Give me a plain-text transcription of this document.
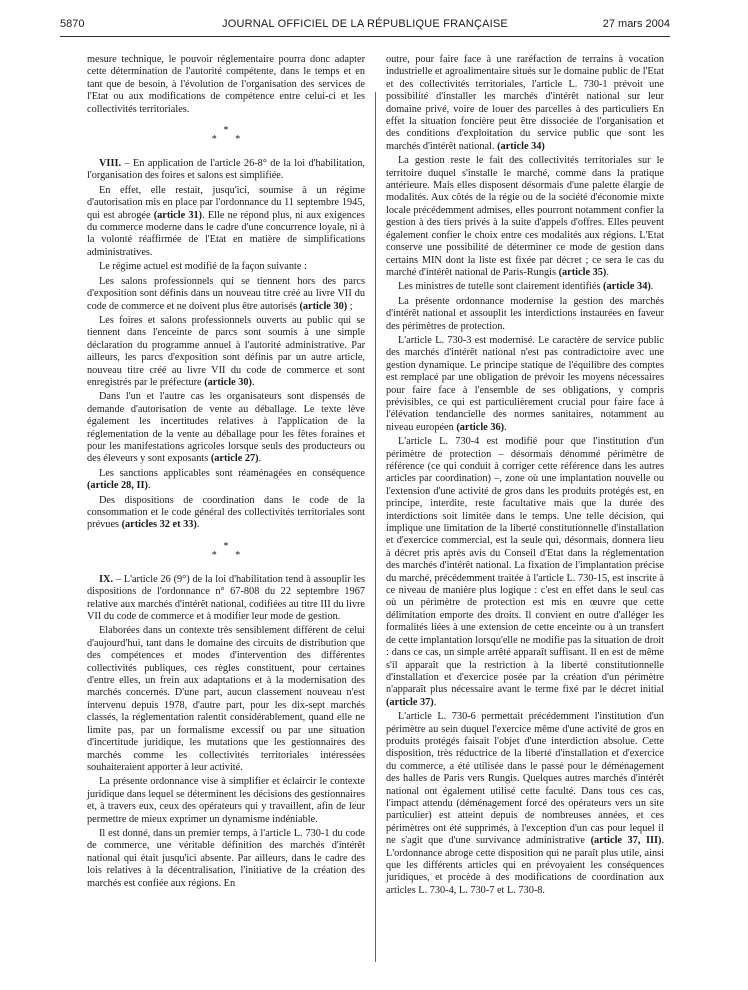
5870	JOURNAL OFFICIEL DE LA RÉPUBLIQUE FRANÇAISE	27 mars 2004

mesure technique, le pouvoir réglementaire pourra donc adapter cette détermination de l'autorité compétente, dans le temps et en tant que de besoin, à l'évolution de l'organisation des services de l'Etat ou aux modifications de compétence entre celui-ci et les collectivités territoriales.

*
* *

VIII. – En application de l'article 26-8° de la loi d'habilitation, l'organisation des foires et salons est simplifiée.

En effet, elle restait, jusqu'ici, soumise à un régime d'autorisation mis en place par l'ordonnance du 11 septembre 1945, qui est abrogée (article 31). Elle ne répond plus, ni aux exigences du commerce moderne dans le cadre d'une concurrence loyale, ni à la volonté réaffirmée de l'Etat en matière de simplifications administratives.

Le régime actuel est modifié de la façon suivante :

Les salons professionnels qui se tiennent hors des parcs d'exposition sont définis dans un nouveau titre créé au livre VII du code de commerce et ne doivent plus être autorisés (article 30) ;

Les foires et salons professionnels ouverts au public qui se tiennent dans l'enceinte de parcs sont soumis à une simple déclaration du programme annuel à l'autorité administrative. Par ailleurs, les parcs d'exposition sont définis par un autre article, nouveau titre créé au livre VII du code de commerce et sont enregistrés par le préfecture (article 30).

Dans l'un et l'autre cas les organisateurs sont dispensés de demande d'autorisation de vente au déballage. Le texte lève également les incertitudes relatives à l'application de la réglementation de la vente au déballage pour les fêtes foraines et pour les manifestations agricoles lorsque seuls des producteurs ou des éleveurs y sont exposants (article 27).

Les sanctions applicables sont réaménagées en conséquence (article 28, II).

Des dispositions de coordination dans le code de la consommation et le code général des collectivités territoriales sont prévues (articles 32 et 33).

*
* *

IX. – L'article 26 (9°) de la loi d'habilitation tend à assouplir les dispositions de l'ordonnance n° 67-808 du 22 septembre 1967 relative aux marchés d'intérêt national, codifiées au titre III du livre VII du code de commerce et à modifier leur mode de gestion.

Elaborées dans un contexte très sensiblement différent de celui d'aujourd'hui, tant dans le domaine des circuits de distribution que des compétences et modes d'intervention des différentes collectivités publiques, ces règles constituent, pour certaines d'entre elles, un frein aux adaptations et à la modernisation des marchés concernés. D'une part, aucun classement nouveau n'est intervenu depuis 1978, d'autre part, pour les dix-sept marchés classés, la réglementation ralentit considérablement, quand elle ne limite pas, par un formalisme excessif ou par une situation d'incertitude juridique, les mutations que les gestionnaires des marchés comme les collectivités territoriales intéressées souhaiteraient apporter à leur activité.

La présente ordonnance vise à simplifier et éclaircir le contexte juridique dans lequel se déterminent les décisions des gestionnaires et, à travers eux, ceux des opérateurs qui y travaillent, afin de leur permettre de mieux exprimer un dynamisme indéniable.

Il est donné, dans un premier temps, à l'article L. 730-1 du code de commerce, une véritable définition des marchés d'intérêt national qui était jusqu'ici absente. Par ailleurs, dans le cadre des lois relatives à la décentralisation, l'initiative de la création des marchés est confiée aux régions. En

outre, pour faire face à une raréfaction de terrains à vocation industrielle et agroalimentaire situés sur le domaine public de l'Etat et des collectivités territoriales, l'article L. 730-1 prévoit une possibilité d'installer les marchés d'intérêt national sur leur domaine privé, voire de louer des parcelles à des particuliers En effet la situation foncière peut être dissociée de l'organisation et des conditions d'exploitation du service public que sont les marchés d'intérêt national. (article 34)

La gestion reste le fait des collectivités territoriales sur le territoire duquel s'installe le marché, comme dans la pratique antérieure. Mais elles disposent désormais d'une palette élargie de modalités. Aux côtés de la régie ou de la société d'économie mixte locale précédemment admises, elles pourront notamment confier la gestion à des tiers privés à la suite d'appels d'offres. Elles peuvent également confier le choix entre ces modalités aux régions. L'Etat conserve une possibilité de déterminer ce mode de gestion dans certains MIN dont la liste est fixée par décret ; ce sera le cas du marché d'intérêt national de Paris-Rungis (article 35).

Les ministres de tutelle sont clairement identifiés (article 34).

La présente ordonnance modernise la gestion des marchés d'intérêt national et assouplit les interdictions instaurées en faveur des périmètres de protection.

L'article L. 730-3 est modernisé. Le caractère de service public des marchés d'intérêt national n'est pas contradictoire avec une gestion dynamique. Le principe statique de l'équilibre des comptes est remplacé par une obligation de prévoir les moyens nécessaires pour faire face à l'ensemble de ses obligations, y compris prévisibles, ce qui est particulièrement crucial pour faire face à l'élévation tendancielle des normes sanitaires, notamment au niveau européen (article 36).

L'article L. 730-4 est modifié pour que l'institution d'un périmètre de protection – désormais dénommé périmètre de référence (ce qui conduit à corriger cette référence dans les autres articles par coordination) –, zone où une implantation nouvelle ou l'extension d'une activité de gros dans les produits protégés est, en principe, interdite, reste facultative mais que la durée des interdictions soit limitée dans le temps. Une telle décision, qui implique une limitation de la liberté constitutionnelle d'installation et d'exercice commercial, est la seule qui, désormais, donnera lieu à décret pris après avis du Conseil d'Etat dans la réglementation des marchés d'intérêt national. La fixation de l'implantation précise du marché, précédemment traitée à l'article L. 730-15, est inscrite à ce niveau de manière plus logique : c'est en effet dans le seul cas où un périmètre de protection est mis en œuvre que cette délimitation emporte des droits. Il convient en outre d'alléger les formalités liées à une extension de cette enceinte ou à un transfert de cette implantation lorsqu'elle ne modifie pas la situation de droit : dans ce cas, un simple arrêté apparaît suffisant. Il en est de même s'il apparaît que la restriction à la liberté constitutionnelle d'installation et d'exercice posée par la création d'un périmètre n'apparaît plus nécessaire avant le terme fixé par le décret initial (article 37).

L'article L. 730-6 permettait précédemment l'institution d'un périmètre au sein duquel l'exercice même d'une activité de gros en produits protégés faisait l'objet d'une interdiction absolue. Cette disposition, très réductrice de la liberté d'installation et d'exercice du commerce, a été utilisée dans le passé pour le déménagement des halles de Paris vers Rungis. Quelques autres marchés d'intérêt national ont également utilisé cette faculté. Dans tous ces cas, l'impact attendu (déménagement forcé des opérateurs vers un site particulier) est atteint depuis de nombreuses années, et ces périmètres ont été supprimés, à l'exception d'un cas pour lequel il ne s'agit que d'une survivance administrative (article 37, III). L'ordonnance abroge cette disposition qui ne paraît plus utile, ainsi que les différents articles qui en prévoyaient les conséquences juridiques, et procède à des modifications de coordination aux articles L. 730-4, L. 730-7 et L. 730-8.
